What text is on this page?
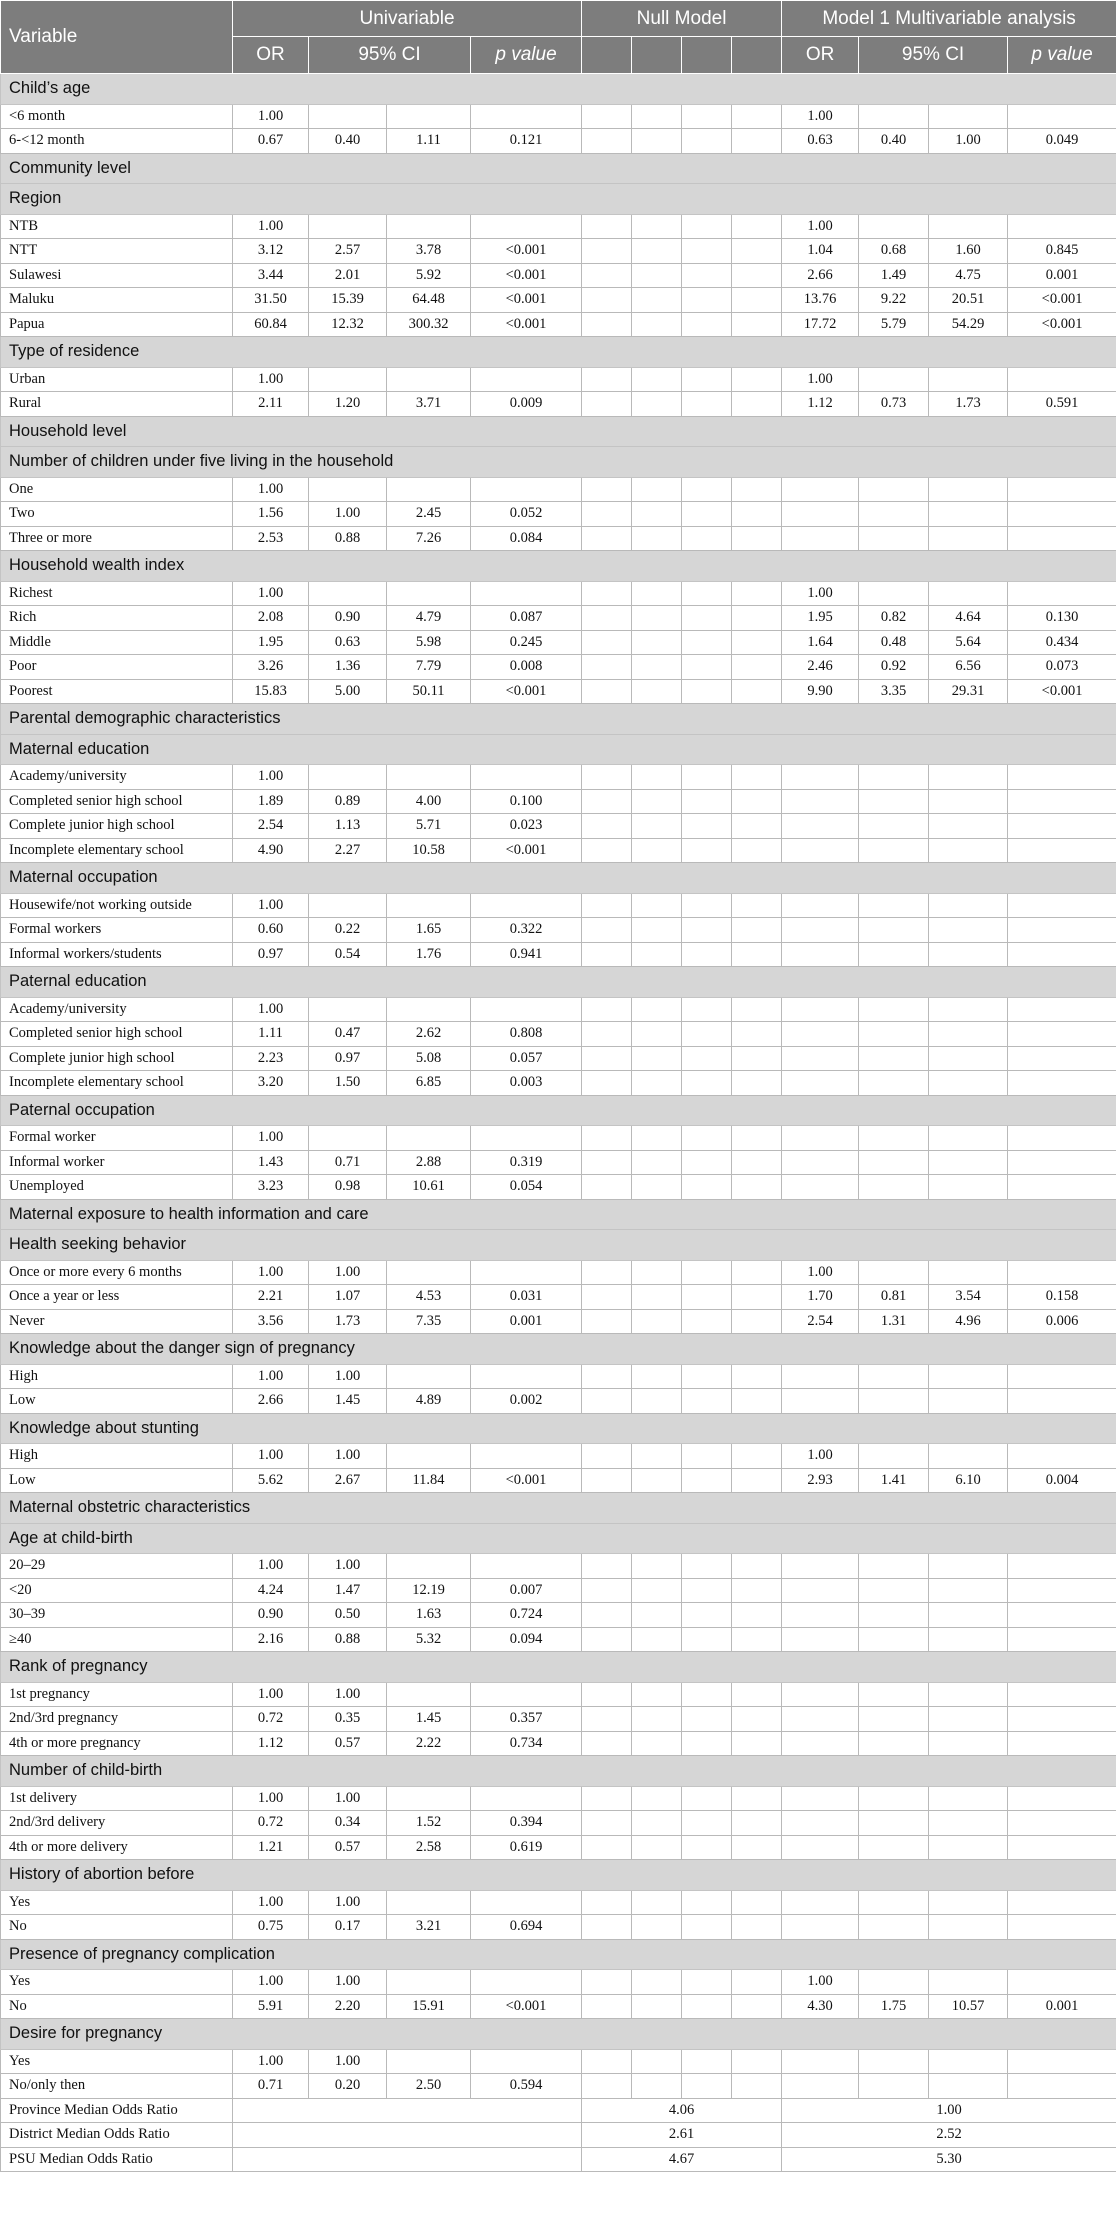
Variable	Univariable				Null Model				Model 1 Multivariable analysis			
	OR	95% CI		p value					OR	95% CI		p value
Child’s age												
<6 month	1.00								1.00			
6-<12 month	0.67	0.40	1.11	0.121					0.63	0.40	1.00	0.049
Community level												
Region												
NTB	1.00								1.00			
NTT	3.12	2.57	3.78	<0.001					1.04	0.68	1.60	0.845
Sulawesi	3.44	2.01	5.92	<0.001					2.66	1.49	4.75	0.001
Maluku	31.50	15.39	64.48	<0.001					13.76	9.22	20.51	<0.001
Papua	60.84	12.32	300.32	<0.001					17.72	5.79	54.29	<0.001
Type of residence												
Urban	1.00								1.00			
Rural	2.11	1.20	3.71	0.009					1.12	0.73	1.73	0.591
Household level												
Number of children under five living in the household												
One	1.00											
Two	1.56	1.00	2.45	0.052								
Three or more	2.53	0.88	7.26	0.084								
Household wealth index												
Richest	1.00								1.00			
Rich	2.08	0.90	4.79	0.087					1.95	0.82	4.64	0.130
Middle	1.95	0.63	5.98	0.245					1.64	0.48	5.64	0.434
Poor	3.26	1.36	7.79	0.008					2.46	0.92	6.56	0.073
Poorest	15.83	5.00	50.11	<0.001					9.90	3.35	29.31	<0.001
Parental demographic characteristics												
Maternal education												
Academy/university	1.00											
Completed senior high school	1.89	0.89	4.00	0.100								
Complete junior high school	2.54	1.13	5.71	0.023								
Incomplete elementary school	4.90	2.27	10.58	<0.001								
Maternal occupation												
Housewife/not working outside	1.00											
Formal workers	0.60	0.22	1.65	0.322								
Informal workers/students	0.97	0.54	1.76	0.941								
Paternal education												
Academy/university	1.00											
Completed senior high school	1.11	0.47	2.62	0.808								
Complete junior high school	2.23	0.97	5.08	0.057								
Incomplete elementary school	3.20	1.50	6.85	0.003								
Paternal occupation												
Formal worker	1.00											
Informal worker	1.43	0.71	2.88	0.319								
Unemployed	3.23	0.98	10.61	0.054								
Maternal exposure to health information and care												
Health seeking behavior												
Once or more every 6 months	1.00	1.00							1.00			
Once a year or less	2.21	1.07	4.53	0.031					1.70	0.81	3.54	0.158
Never	3.56	1.73	7.35	0.001					2.54	1.31	4.96	0.006
Knowledge about the danger sign of pregnancy												
High	1.00	1.00										
Low	2.66	1.45	4.89	0.002								
Knowledge about stunting												
High	1.00	1.00							1.00			
Low	5.62	2.67	11.84	<0.001					2.93	1.41	6.10	0.004
Maternal obstetric characteristics												
Age at child-birth												
20–29	1.00	1.00										
<20	4.24	1.47	12.19	0.007								
30–39	0.90	0.50	1.63	0.724								
≥40	2.16	0.88	5.32	0.094								
Rank of pregnancy												
1st pregnancy	1.00	1.00										
2nd/3rd pregnancy	0.72	0.35	1.45	0.357								
4th or more pregnancy	1.12	0.57	2.22	0.734								
Number of child-birth												
1st delivery	1.00	1.00										
2nd/3rd delivery	0.72	0.34	1.52	0.394								
4th or more delivery	1.21	0.57	2.58	0.619								
History of abortion before												
Yes	1.00	1.00										
No	0.75	0.17	3.21	0.694								
Presence of pregnancy complication												
Yes	1.00	1.00							1.00			
No	5.91	2.20	15.91	<0.001					4.30	1.75	10.57	0.001
Desire for pregnancy												
Yes	1.00	1.00										
No/only then	0.71	0.20	2.50	0.594								
Province Median Odds Ratio					4.06				1.00			
District Median Odds Ratio					2.61				2.52			
PSU Median Odds Ratio					4.67				5.30			
